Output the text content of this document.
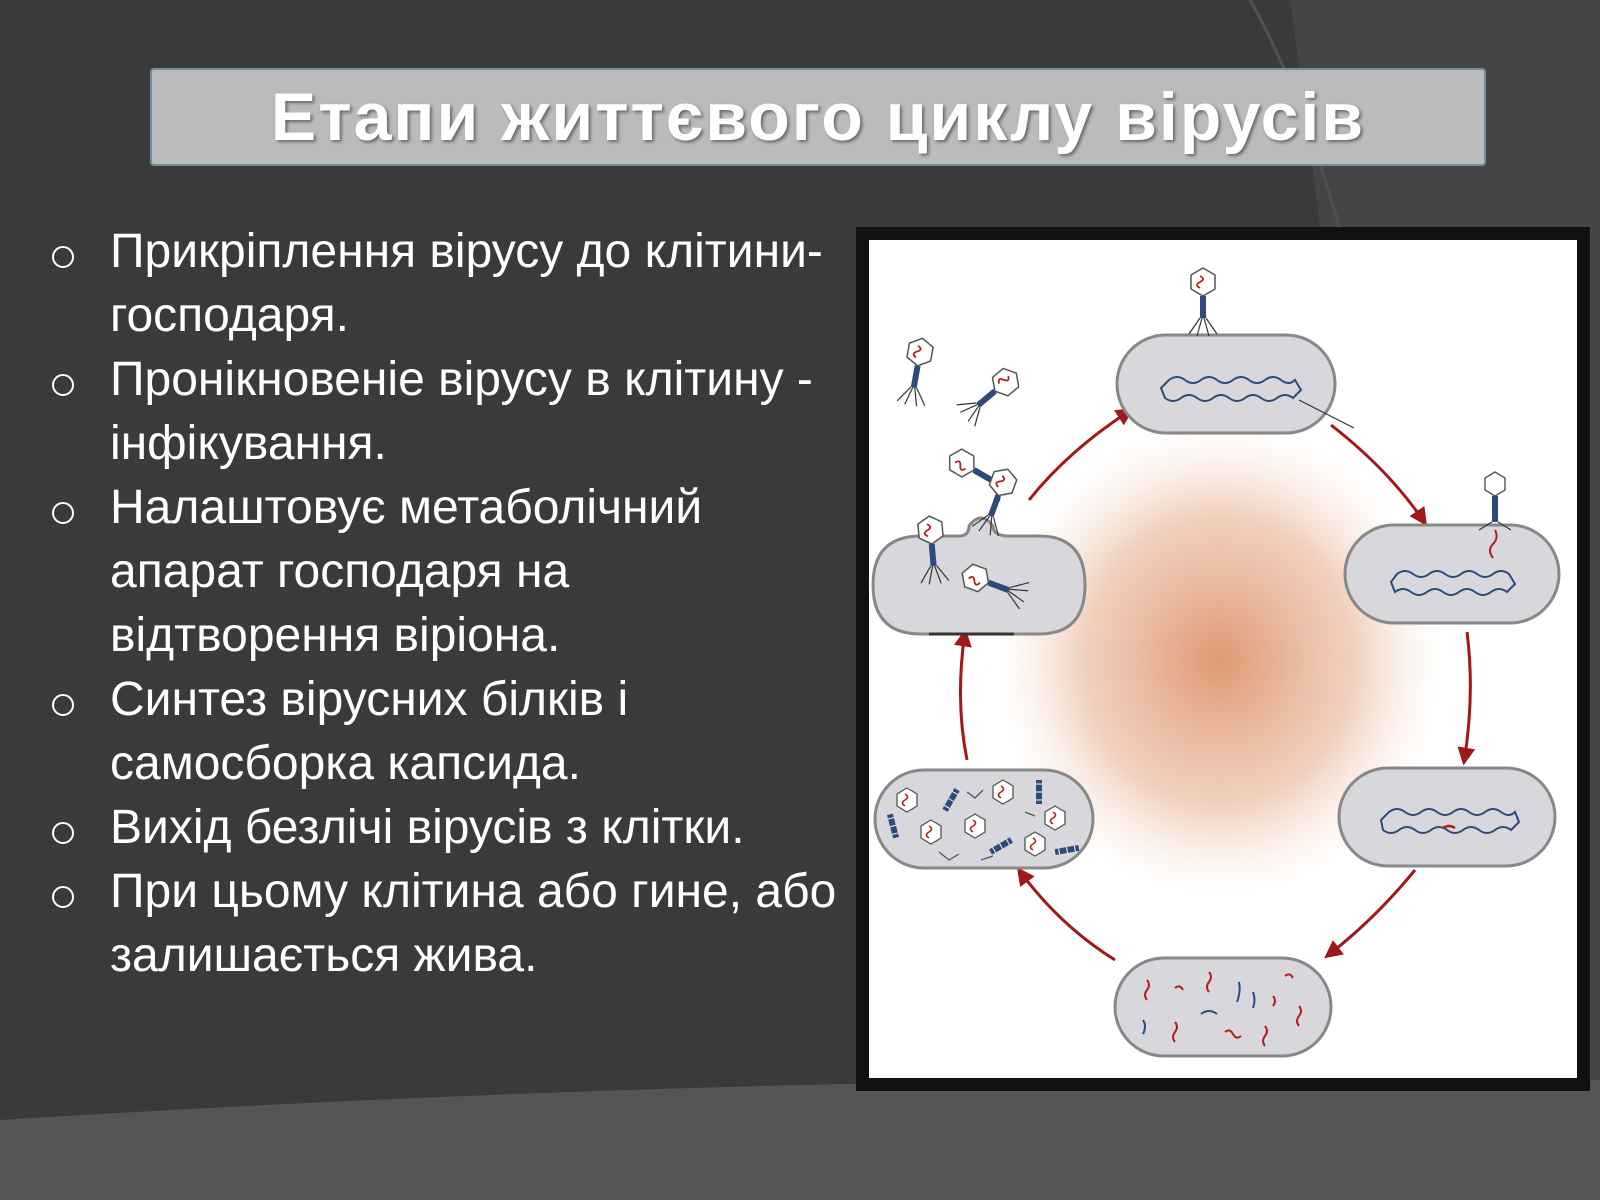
Етапи життєвого циклу вірусів
Прикріплення вірусу до клітини-господаря.
Пронікновеніе вірусу в клітину - інфікування.
Налаштовує метаболічний апарат господаря на відтворення віріона.
Синтез вірусних білків і самосборка капсида.
Вихід безлічі вірусів з клітки.
При цьому клітина або гине, або залишається жива.
